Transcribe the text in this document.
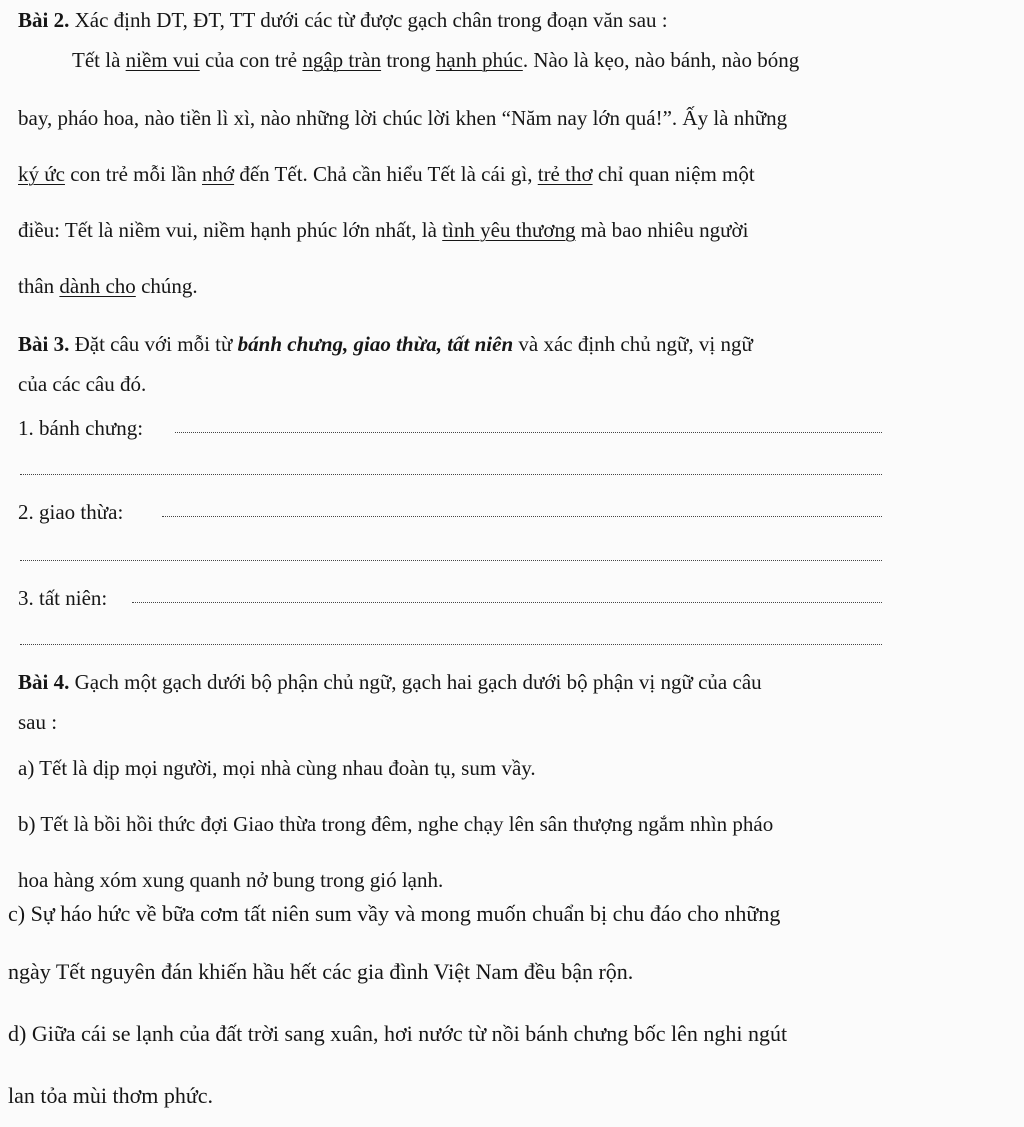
Bài 2. Xác định DT, ĐT, TT dưới các từ được gạch chân trong đoạn văn sau :
Tết là niềm vui của con trẻ ngập tràn trong hạnh phúc. Nào là kẹo, nào bánh, nào bóng
bay, pháo hoa, nào tiền lì xì, nào những lời chúc lời khen “Năm nay lớn quá!”. Ấy là những
ký ức con trẻ mỗi lần nhớ đến Tết. Chả cần hiểu Tết là cái gì, trẻ thơ chỉ quan niệm một
điều: Tết là niềm vui, niềm hạnh phúc lớn nhất, là tình yêu thương mà bao nhiêu người
thân dành cho chúng.
Bài 3. Đặt câu với mỗi từ bánh chưng, giao thừa, tất niên và xác định chủ ngữ, vị ngữ
của các câu đó.
1. bánh chưng:
2. giao thừa:
3. tất niên:
Bài 4. Gạch một gạch dưới bộ phận chủ ngữ, gạch hai gạch dưới bộ phận vị ngữ của câu
sau :
a) Tết là dịp mọi người, mọi nhà cùng nhau đoàn tụ, sum vầy.
b) Tết là bồi hồi thức đợi Giao thừa trong đêm, nghe chạy lên sân thượng ngắm nhìn pháo
hoa hàng xóm xung quanh nở bung trong gió lạnh.
c) Sự háo hức về bữa cơm tất niên sum vầy và mong muốn chuẩn bị chu đáo cho những
ngày Tết nguyên đán khiến hầu hết các gia đình Việt Nam đều bận rộn.
d) Giữa cái se lạnh của đất trời sang xuân, hơi nước từ nồi bánh chưng bốc lên nghi ngút
lan tỏa mùi thơm phức.
